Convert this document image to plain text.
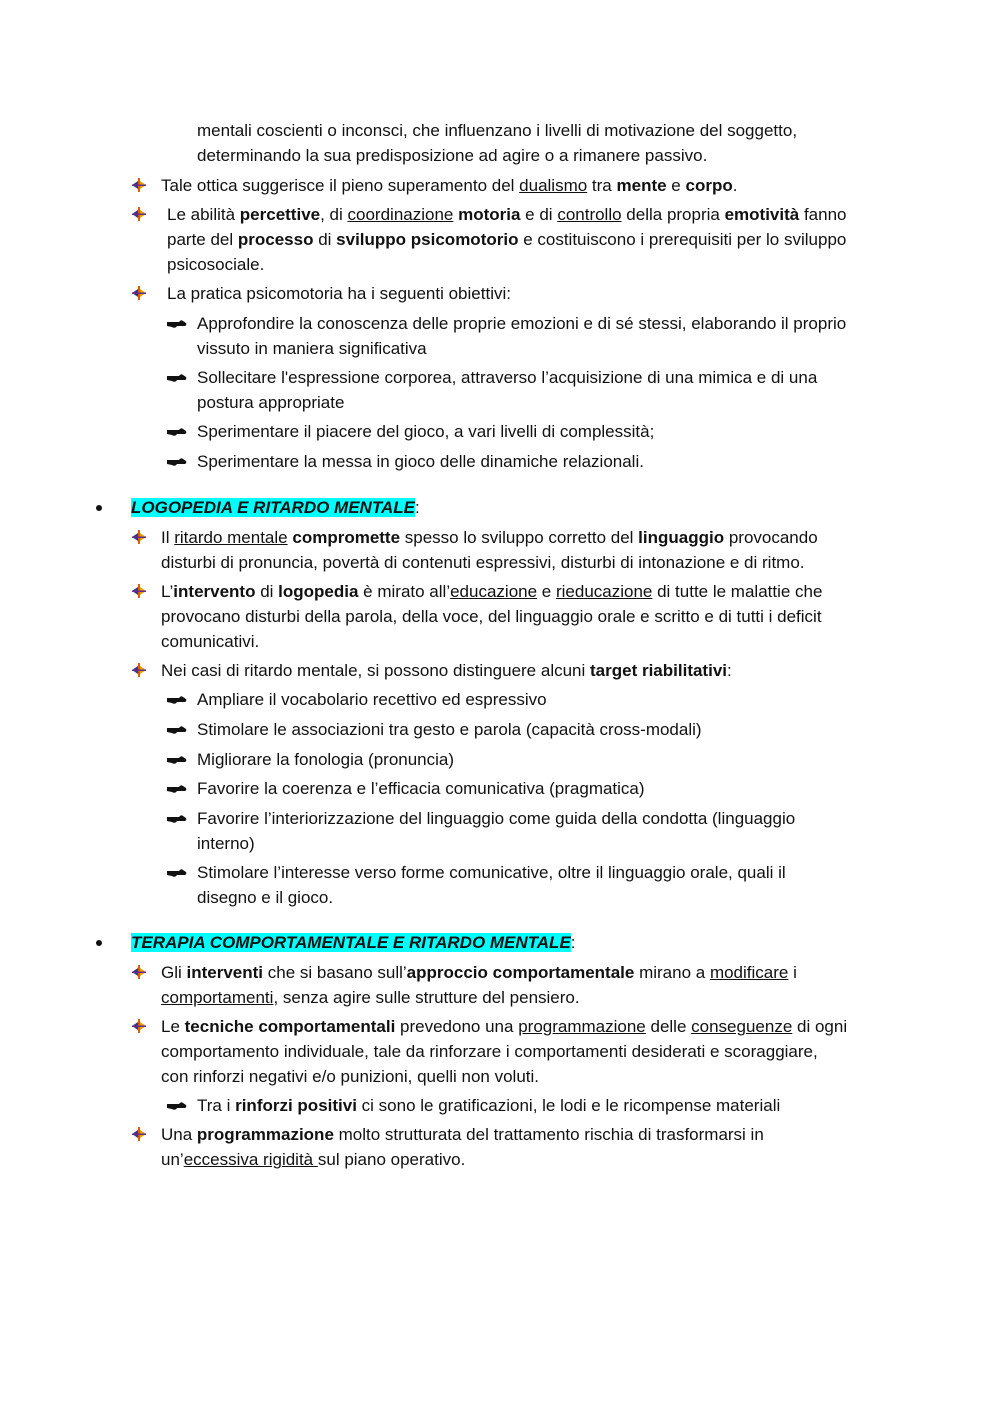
mentali coscienti o inconsci, che influenzano i livelli di motivazione del soggetto,
determinando la sua predisposizione ad agire o a rimanere passivo.
Tale ottica suggerisce il pieno superamento del dualismo tra mente e corpo.
Le abilità percettive, di coordinazione motoria e di controllo della propria emotività fanno
parte del processo di sviluppo psicomotorio e costituiscono i prerequisiti per lo sviluppo
psicosociale.
La pratica psicomotoria ha i seguenti obiettivi:
Approfondire la conoscenza delle proprie emozioni e di sé stessi, elaborando il proprio
vissuto in maniera significativa
Sollecitare l'espressione corporea, attraverso l’acquisizione di una mimica e di una
postura appropriate
Sperimentare il piacere del gioco, a vari livelli di complessità;
Sperimentare la messa in gioco delle dinamiche relazionali.
LOGOPEDIA E RITARDO MENTALE:
Il ritardo mentale compromette spesso lo sviluppo corretto del linguaggio provocando
disturbi di pronuncia, povertà di contenuti espressivi, disturbi di intonazione e di ritmo.
L’intervento di logopedia è mirato all’educazione e rieducazione di tutte le malattie che
provocano disturbi della parola, della voce, del linguaggio orale e scritto e di tutti i deficit
comunicativi.
Nei casi di ritardo mentale, si possono distinguere alcuni target riabilitativi:
Ampliare il vocabolario recettivo ed espressivo
Stimolare le associazioni tra gesto e parola (capacità cross-modali)
Migliorare la fonologia (pronuncia)
Favorire la coerenza e l’efficacia comunicativa (pragmatica)
Favorire l’interiorizzazione del linguaggio come guida della condotta (linguaggio
interno)
Stimolare l’interesse verso forme comunicative, oltre il linguaggio orale, quali il
disegno e il gioco.
TERAPIA COMPORTAMENTALE E RITARDO MENTALE:
Gli interventi che si basano sull’approccio comportamentale mirano a modificare i
comportamenti, senza agire sulle strutture del pensiero.
Le tecniche comportamentali prevedono una programmazione delle conseguenze di ogni
comportamento individuale, tale da rinforzare i comportamenti desiderati e scoraggiare,
con rinforzi negativi e/o punizioni, quelli non voluti.
Tra i rinforzi positivi ci sono le gratificazioni, le lodi e le ricompense materiali
Una programmazione molto strutturata del trattamento rischia di trasformarsi in
un’eccessiva rigidità sul piano operativo.
